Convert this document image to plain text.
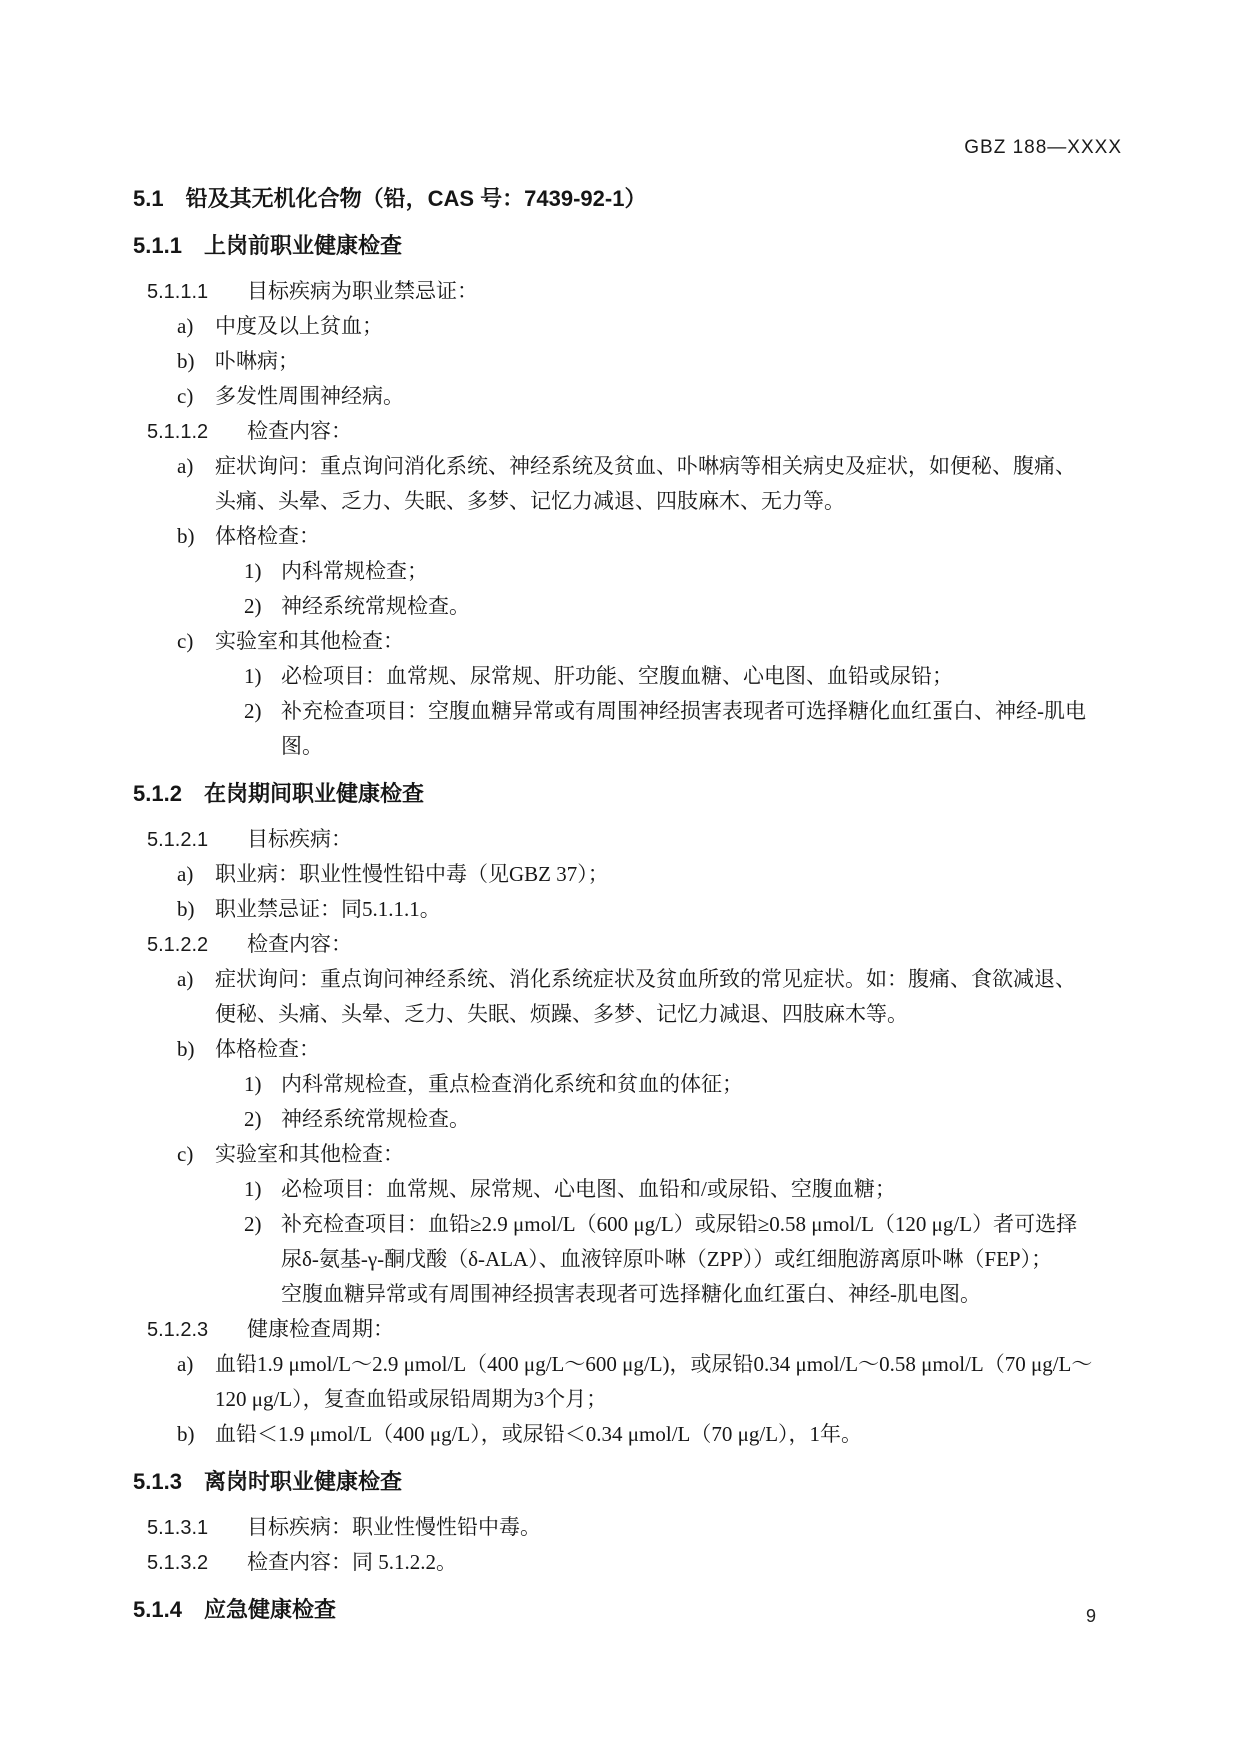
GBZ 188—XXXX
5.1 铅及其无机化合物（铅，CAS 号：7439-92-1）
5.1.1 上岗前职业健康检查
5.1.1.1 目标疾病为职业禁忌证：
a) 中度及以上贫血；
b) 卟啉病；
c) 多发性周围神经病。
5.1.1.2 检查内容：
a) 症状询问：重点询问消化系统、神经系统及贫血、卟啉病等相关病史及症状，如便秘、腹痛、
头痛、头晕、乏力、失眠、多梦、记忆力减退、四肢麻木、无力等。
b) 体格检查：
1) 内科常规检查；
2) 神经系统常规检查。
c) 实验室和其他检查：
1) 必检项目：血常规、尿常规、肝功能、空腹血糖、心电图、血铅或尿铅；
2) 补充检查项目：空腹血糖异常或有周围神经损害表现者可选择糖化血红蛋白、神经-肌电
图。
5.1.2 在岗期间职业健康检查
5.1.2.1 目标疾病：
a) 职业病：职业性慢性铅中毒（见GBZ 37）；
b) 职业禁忌证：同5.1.1.1。
5.1.2.2 检查内容：
a) 症状询问：重点询问神经系统、消化系统症状及贫血所致的常见症状。如：腹痛、食欲减退、
便秘、头痛、头晕、乏力、失眠、烦躁、多梦、记忆力减退、四肢麻木等。
b) 体格检查：
1) 内科常规检查，重点检查消化系统和贫血的体征；
2) 神经系统常规检查。
c) 实验室和其他检查：
1) 必检项目：血常规、尿常规、心电图、血铅和/或尿铅、空腹血糖；
2) 补充检查项目：血铅≥2.9 μmol/L（600 μg/L）或尿铅≥0.58 μmol/L（120 μg/L）者可选择
尿δ-氨基-γ-酮戊酸（δ-ALA）、血液锌原卟啉（ZPP））或红细胞游离原卟啉（FEP）；
空腹血糖异常或有周围神经损害表现者可选择糖化血红蛋白、神经-肌电图。
5.1.2.3 健康检查周期：
a) 血铅1.9 μmol/L～2.9 μmol/L（400 μg/L～600 μg/L)，或尿铅0.34 μmol/L～0.58 μmol/L（70 μg/L～
120 μg/L），复查血铅或尿铅周期为3个月；
b) 血铅＜1.9 μmol/L（400 μg/L），或尿铅＜0.34 μmol/L（70 μg/L），1年。
5.1.3 离岗时职业健康检查
5.1.3.1 目标疾病：职业性慢性铅中毒。
5.1.3.2 检查内容：同 5.1.2.2。
5.1.4 应急健康检查	9
